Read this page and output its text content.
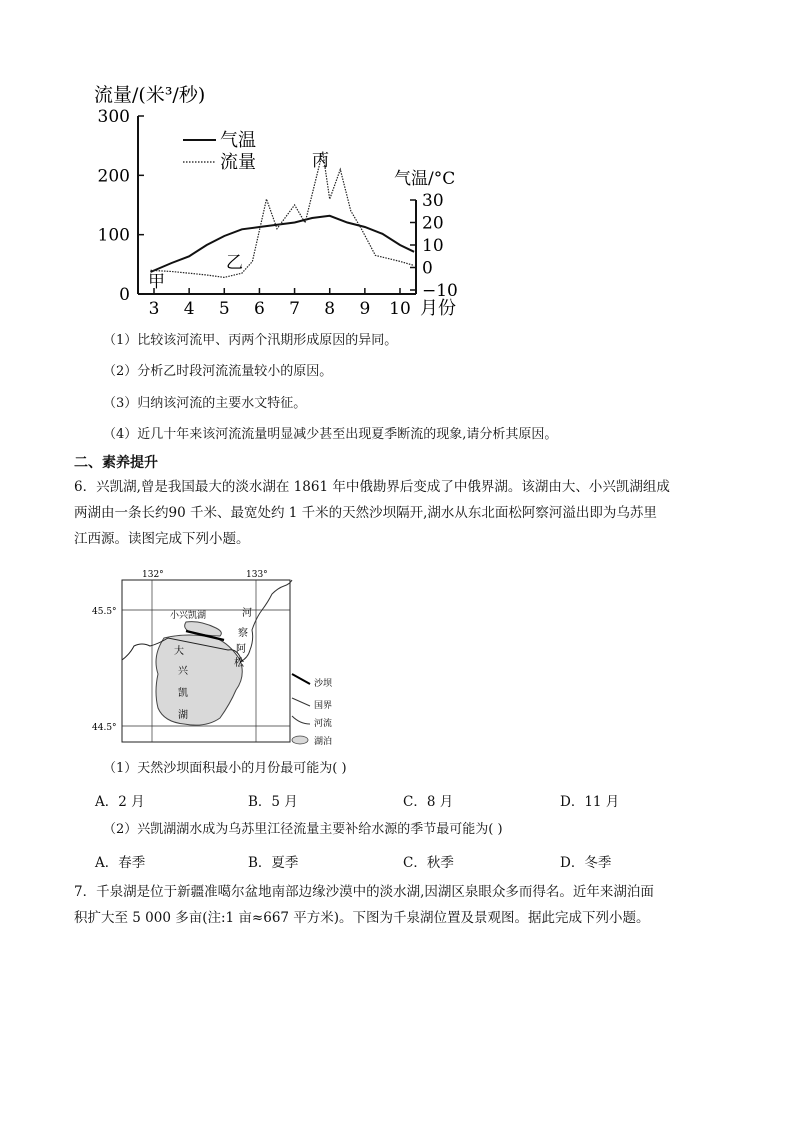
流量/(米³/秒)
300
200
100
0
30
20
10
0
−10
3 4 5 6 7 8 9 10
气温/°C
月份
气温
流量
甲
乙
丙
（1）比较该河流甲、丙两个汛期形成原因的异同。
（2）分析乙时段河流流量较小的原因。
（3）归纳该河流的主要水文特征。
（4）近几十年来该河流流量明显减少甚至出现夏季断流的现象,请分析其原因。
二、素养提升
6．兴凯湖,曾是我国最大的淡水湖在 1861 年中俄勘界后变成了中俄界湖。该湖由大、小兴凯湖组成
两湖由一条长约90 千米、最宽处约 1 千米的天然沙坝隔开,湖水从东北面松阿察河溢出即为乌苏里
江西源。读图完成下列小题。
132°	133°
45.5°
44.5°
小兴凯湖
大
兴
凯
湖
河
察
阿
松
沙坝
国界
河流
湖泊
（1）天然沙坝面积最小的月份最可能为( )
A．2 月	B．5 月	C．8 月	D．11 月
（2）兴凯湖湖水成为乌苏里江径流量主要补给水源的季节最可能为( )
A．春季	B．夏季	C．秋季	D．冬季
7．千泉湖是位于新疆准噶尔盆地南部边缘沙漠中的淡水湖,因湖区泉眼众多而得名。近年来湖泊面
积扩大至 5 000 多亩(注:1 亩≈667 平方米)。下图为千泉湖位置及景观图。据此完成下列小题。
